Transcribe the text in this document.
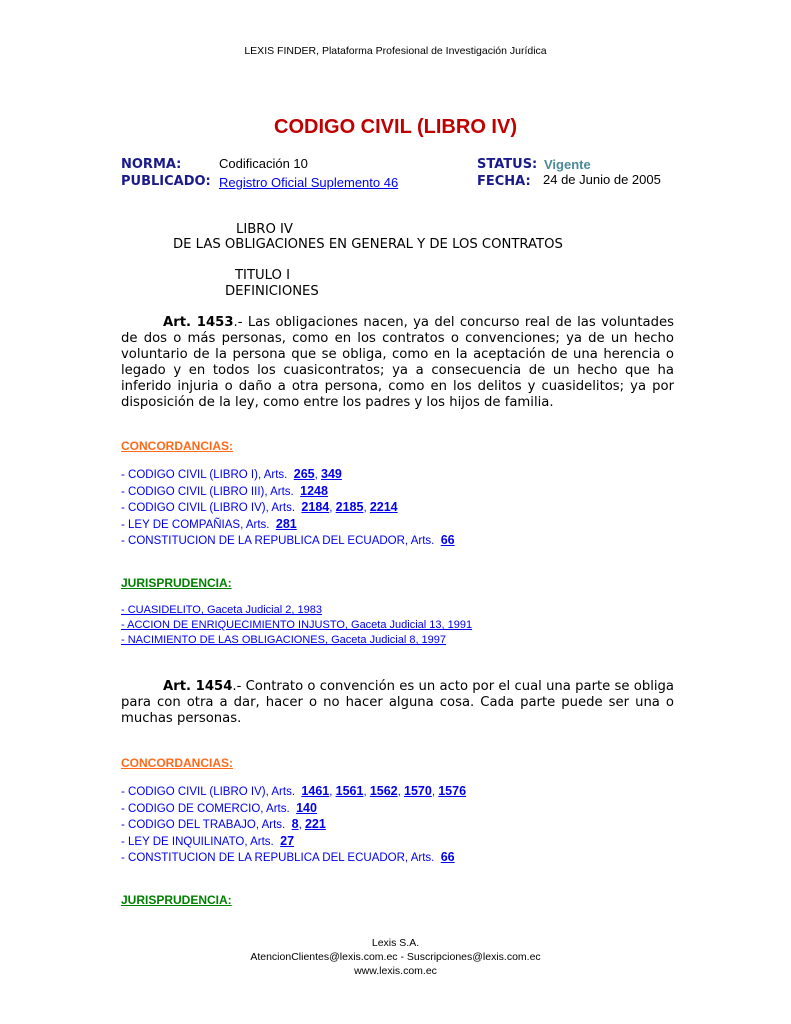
LEXIS FINDER, Plataforma Profesional de Investigación Jurídica
CODIGO CIVIL (LIBRO IV)
NORMA:	Codificación 10
PUBLICADO: Registro Oficial Suplemento 46
STATUS: Vigente
FECHA: 24 de Junio de 2005
LIBRO IV
DE LAS OBLIGACIONES EN GENERAL Y DE LOS CONTRATOS
TITULO I
DEFINICIONES
Art. 1453.- Las obligaciones nacen, ya del concurso real de las voluntades de dos o más personas, como en los contratos o convenciones; ya de un hecho voluntario de la persona que se obliga, como en la aceptación de una herencia o legado y en todos los cuasicontratos; ya a consecuencia de un hecho que ha inferido injuria o daño a otra persona, como en los delitos y cuasidelitos; ya por disposición de la ley, como entre los padres y los hijos de familia.
CONCORDANCIAS:
- CODIGO CIVIL (LIBRO I), Arts. 265, 349
- CODIGO CIVIL (LIBRO III), Arts. 1248
- CODIGO CIVIL (LIBRO IV), Arts. 2184, 2185, 2214
- LEY DE COMPAÑIAS, Arts. 281
- CONSTITUCION DE LA REPUBLICA DEL ECUADOR, Arts. 66
JURISPRUDENCIA:
- CUASIDELITO, Gaceta Judicial 2, 1983
- ACCION DE ENRIQUECIMIENTO INJUSTO, Gaceta Judicial 13, 1991
- NACIMIENTO DE LAS OBLIGACIONES, Gaceta Judicial 8, 1997
Art. 1454.- Contrato o convención es un acto por el cual una parte se obliga para con otra a dar, hacer o no hacer alguna cosa. Cada parte puede ser una o muchas personas.
CONCORDANCIAS:
- CODIGO CIVIL (LIBRO IV), Arts. 1461, 1561, 1562, 1570, 1576
- CODIGO DE COMERCIO, Arts. 140
- CODIGO DEL TRABAJO, Arts. 8, 221
- LEY DE INQUILINATO, Arts. 27
- CONSTITUCION DE LA REPUBLICA DEL ECUADOR, Arts. 66
JURISPRUDENCIA:
Lexis S.A.
AtencionClientes@lexis.com.ec - Suscripciones@lexis.com.ec
www.lexis.com.ec
